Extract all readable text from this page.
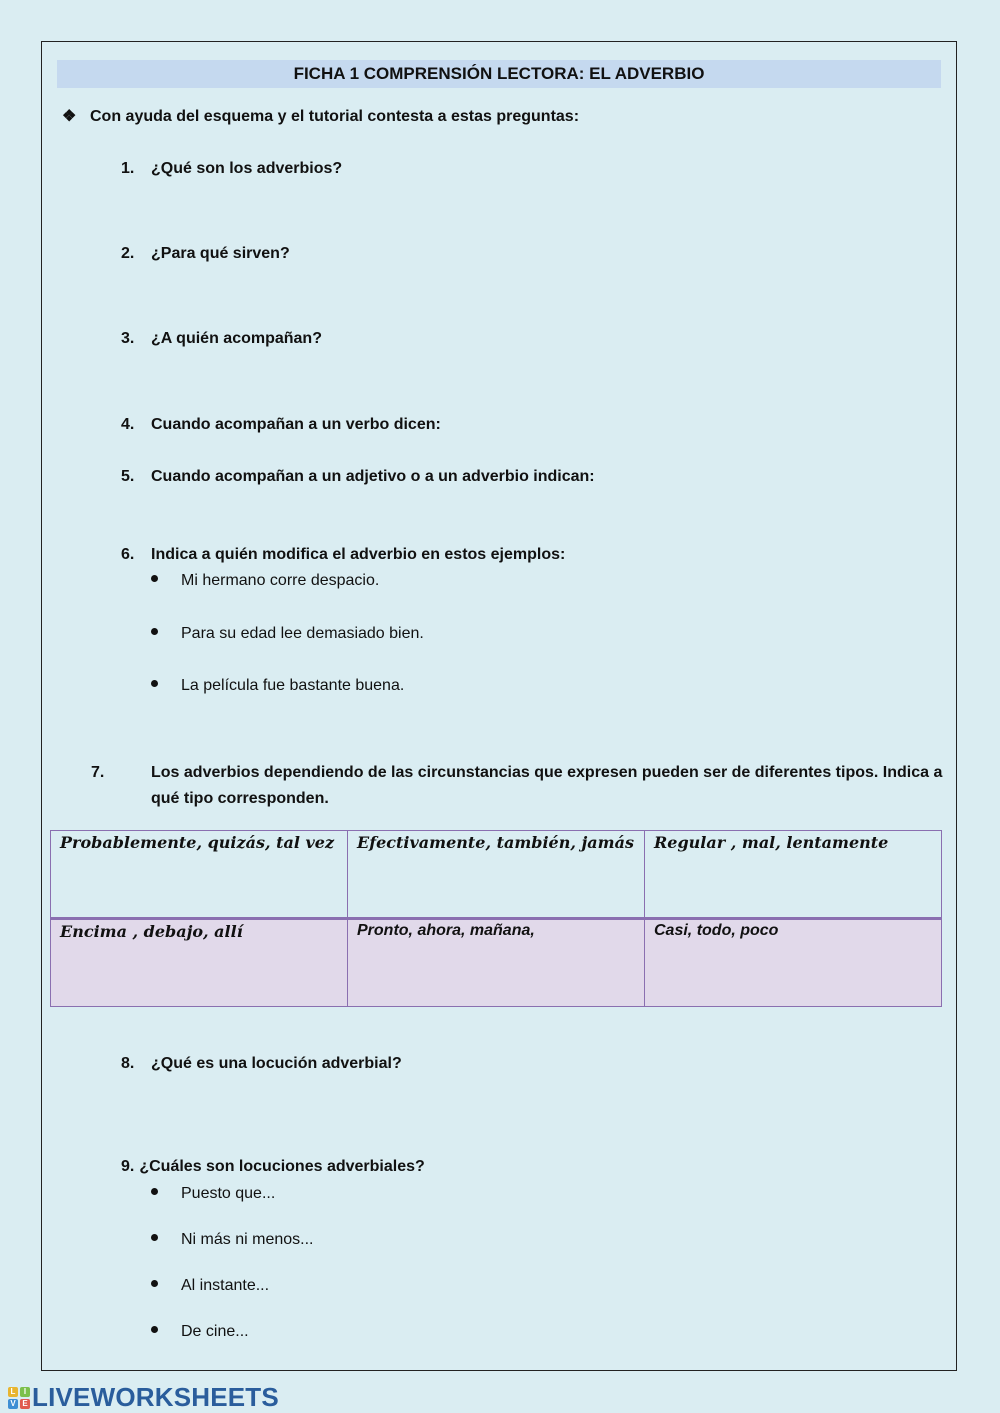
FICHA 1 COMPRENSIÓN LECTORA: EL ADVERBIO
❖ Con ayuda del esquema y el tutorial contesta a estas preguntas:
1. ¿Qué son los adverbios?
2. ¿Para qué sirven?
3. ¿A quién acompañan?
4. Cuando acompañan a un verbo dicen:
5. Cuando acompañan a un adjetivo o a un adverbio indican:
6. Indica a quién modifica el adverbio en estos ejemplos:
Mi hermano corre despacio.
Para su edad lee demasiado bien.
La película fue bastante buena.
7.	Los adverbios dependiendo de las circunstancias que expresen pueden ser de diferentes tipos. Indica a qué tipo corresponden.
Probablemente, quizás, tal vez	Efectivamente, también, jamás	Regular , mal, lentamente
Encima , debajo, allí	Pronto, ahora, mañana,	Casi, todo, poco
8. ¿Qué es una locución adverbial?
9. ¿Cuáles son locuciones adverbiales?
Puesto que...
Ni más ni menos...
Al instante...
De cine...
L	I
V E LIVEWORKSHEETS
